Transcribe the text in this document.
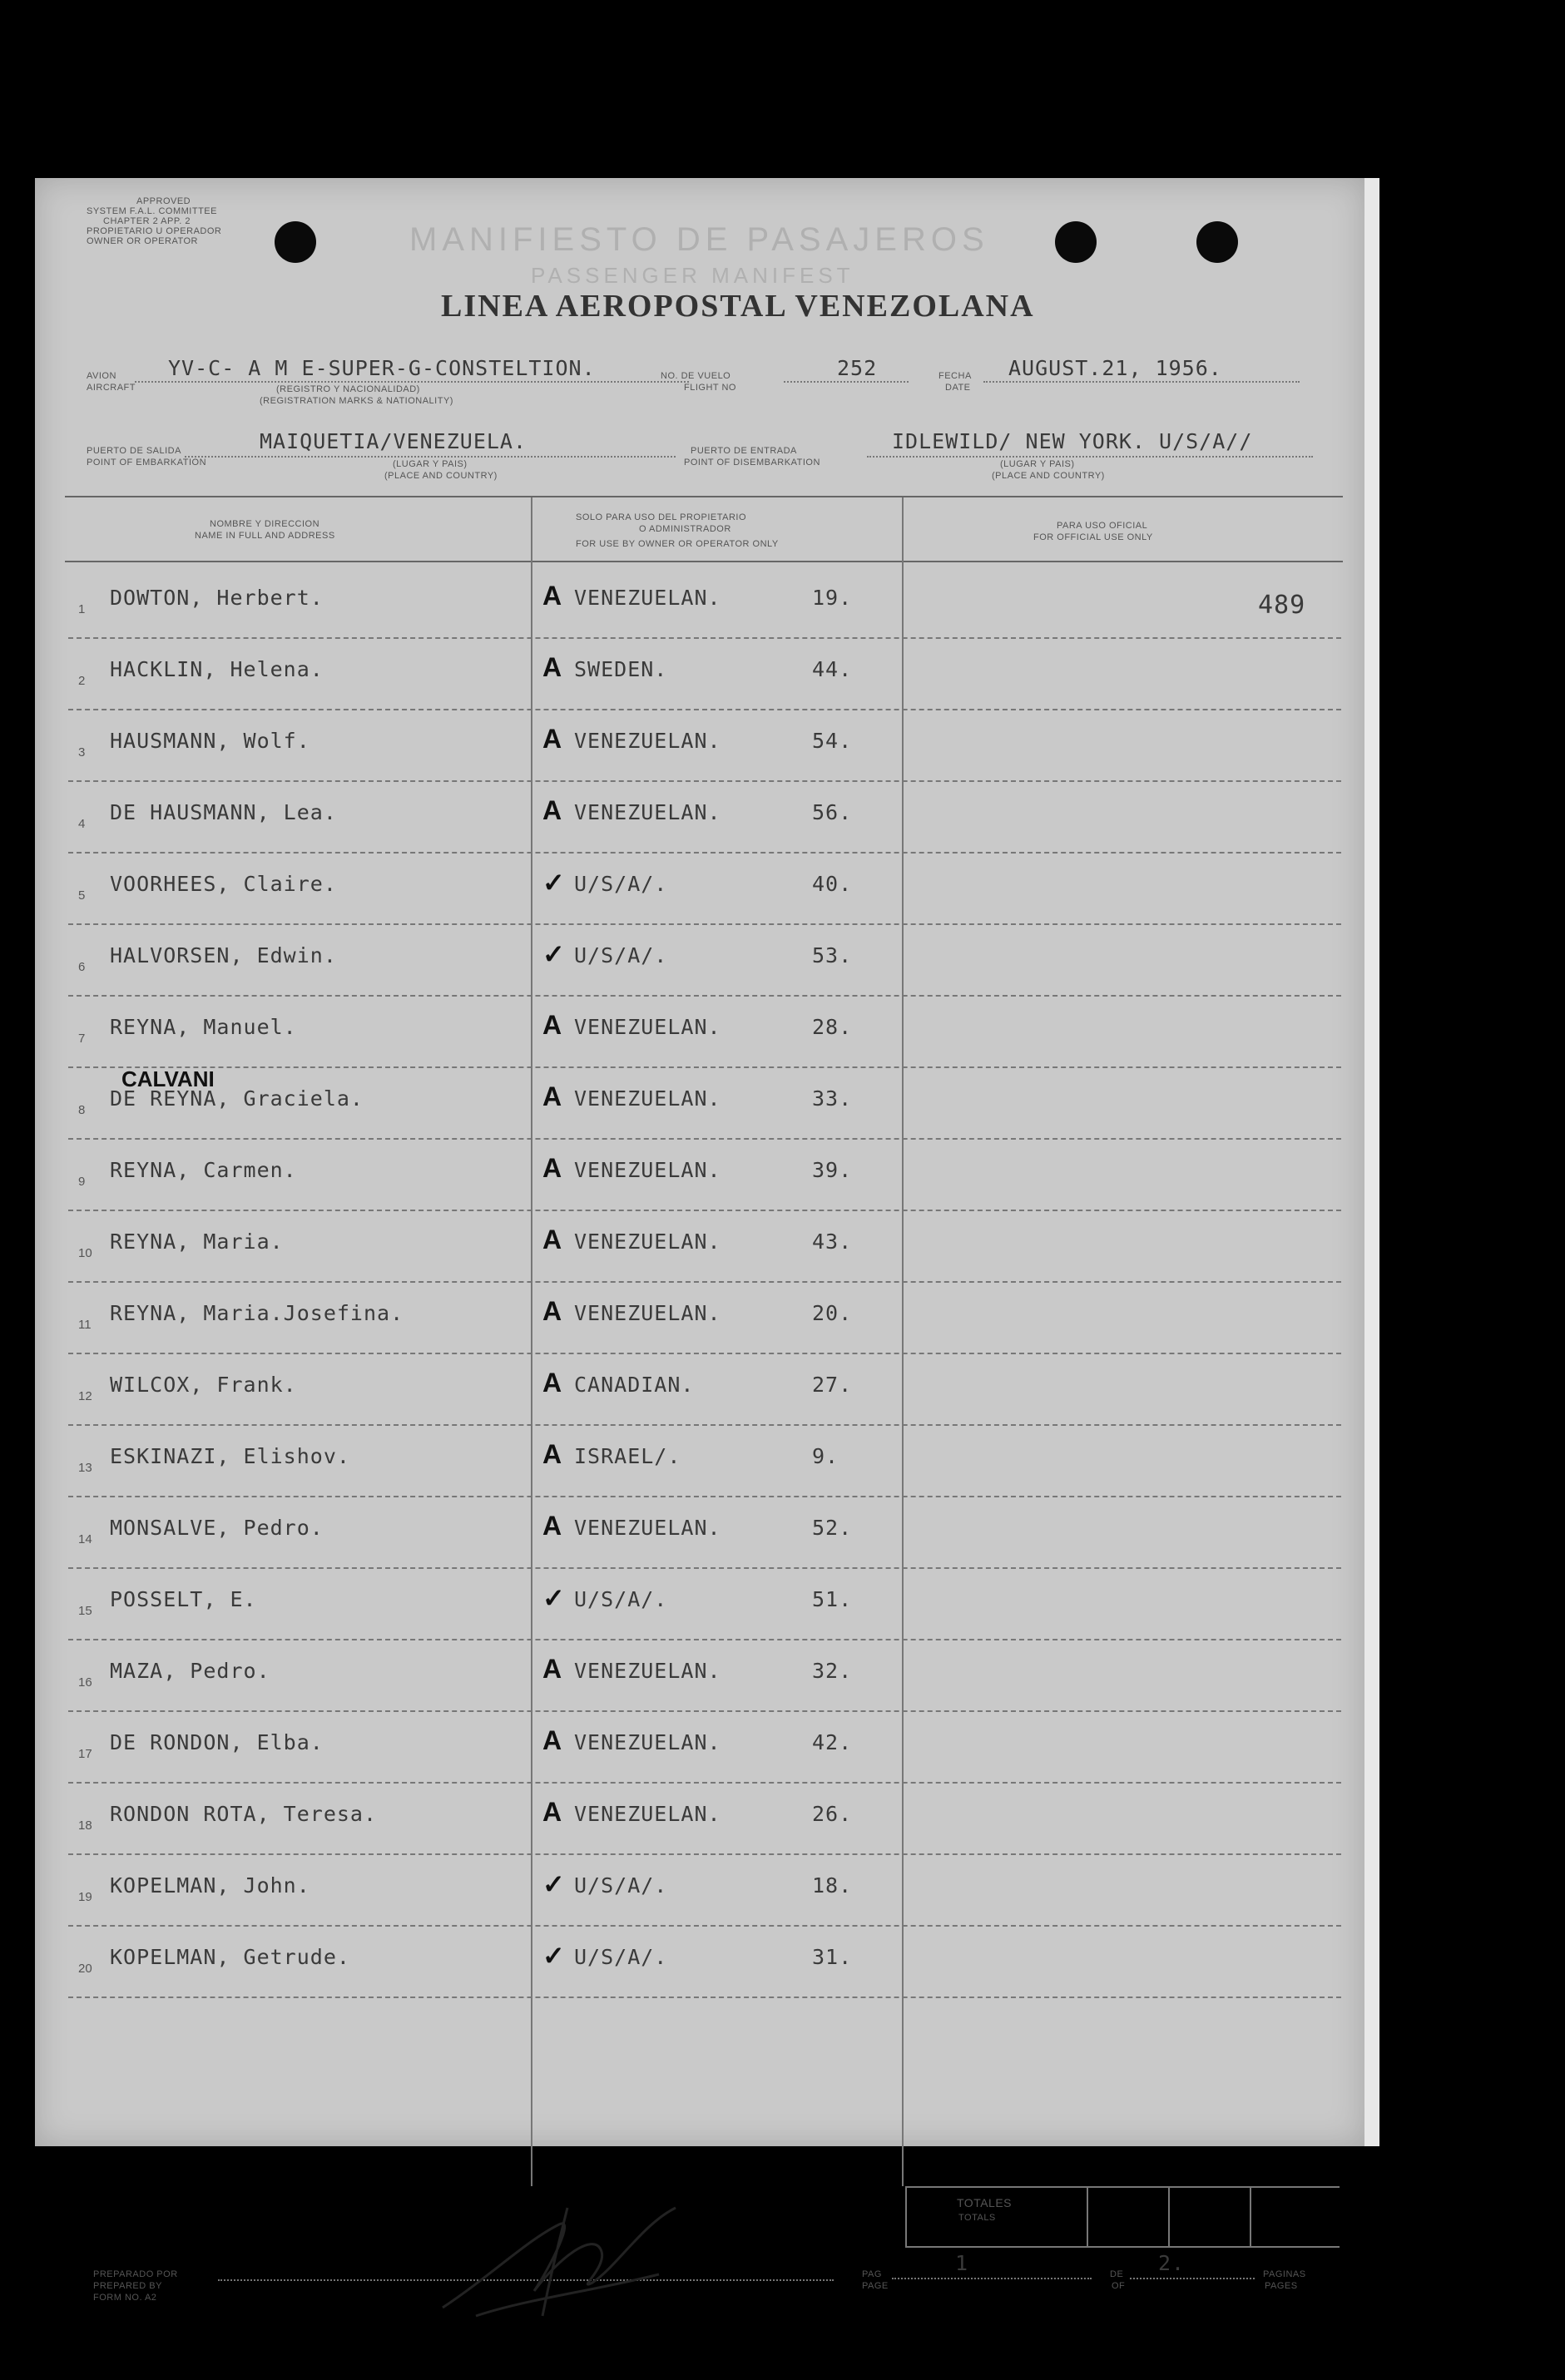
APPROVED
SYSTEM F.A.L. COMMITTEE
CHAPTER 2 APP. 2
PROPIETARIO U OPERADOR
OWNER OR OPERATOR	MANIFIESTO DE PASAJEROS
PASSENGER MANIFEST
LINEA AEROPOSTAL VENEZOLANA
AVION
AIRCRAFT
YV-C- A M E-SUPER-G-CONSTELTION.
(REGISTRO Y NACIONALIDAD)
(REGISTRATION MARKS & NATIONALITY)
NO. DE VUELO
FLIGHT NO
252	FECHA
DATE
AUGUST.21, 1956.
PUERTO DE SALIDA
POINT OF EMBARKATION
MAIQUETIA/VENEZUELA.
(LUGAR Y PAIS)
(PLACE AND COUNTRY)
PUERTO DE ENTRADA
POINT OF DISEMBARKATION
IDLEWILD/ NEW YORK. U/S/A//
(LUGAR Y PAIS)
(PLACE AND COUNTRY)
NOMBRE Y DIRECCION
NAME IN FULL AND ADDRESS
SOLO PARA USO DEL PROPIETARIO
O ADMINISTRADOR
FOR USE BY OWNER OR OPERATOR ONLY
PARA USO OFICIAL
FOR OFFICIAL USE ONLY
489
CALVANI
1 DOWTON, Herbert.	A VENEZUELAN.	19.
2 HACKLIN, Helena.	A SWEDEN.	44.
3 HAUSMANN, Wolf.	A VENEZUELAN.	54.
4 DE HAUSMANN, Lea.	A VENEZUELAN.	56.
5 VOORHEES, Claire.	✓ U/S/A/.	40.
6 HALVORSEN, Edwin.	✓ U/S/A/.	53.
7 REYNA, Manuel.	A VENEZUELAN.	28.
8 DE REYNA, Graciela.	A VENEZUELAN.	33.
9 REYNA, Carmen.	A VENEZUELAN.	39.
10 REYNA, Maria.	A VENEZUELAN.	43.
11 REYNA, Maria.Josefina.	A VENEZUELAN.	20.
12 WILCOX, Frank.	A CANADIAN.	27.
13 ESKINAZI, Elishov.	A ISRAEL/.	9.
14 MONSALVE, Pedro.	A VENEZUELAN.	52.
15 POSSELT, E.	✓ U/S/A/.	51.
16 MAZA, Pedro.	A VENEZUELAN.	32.
17 DE RONDON, Elba.	A VENEZUELAN.	42.
18 RONDON ROTA, Teresa.	A VENEZUELAN.	26.
19 KOPELMAN, John.	✓ U/S/A/.	18.
20 KOPELMAN, Getrude.	✓ U/S/A/.	31.
TOTALES
TOTALS
PREPARADO POR
PREPARED BY
FORM NO. A2
PAG
PAGE
1	DE
OF
2.	PAGINAS
PAGES
